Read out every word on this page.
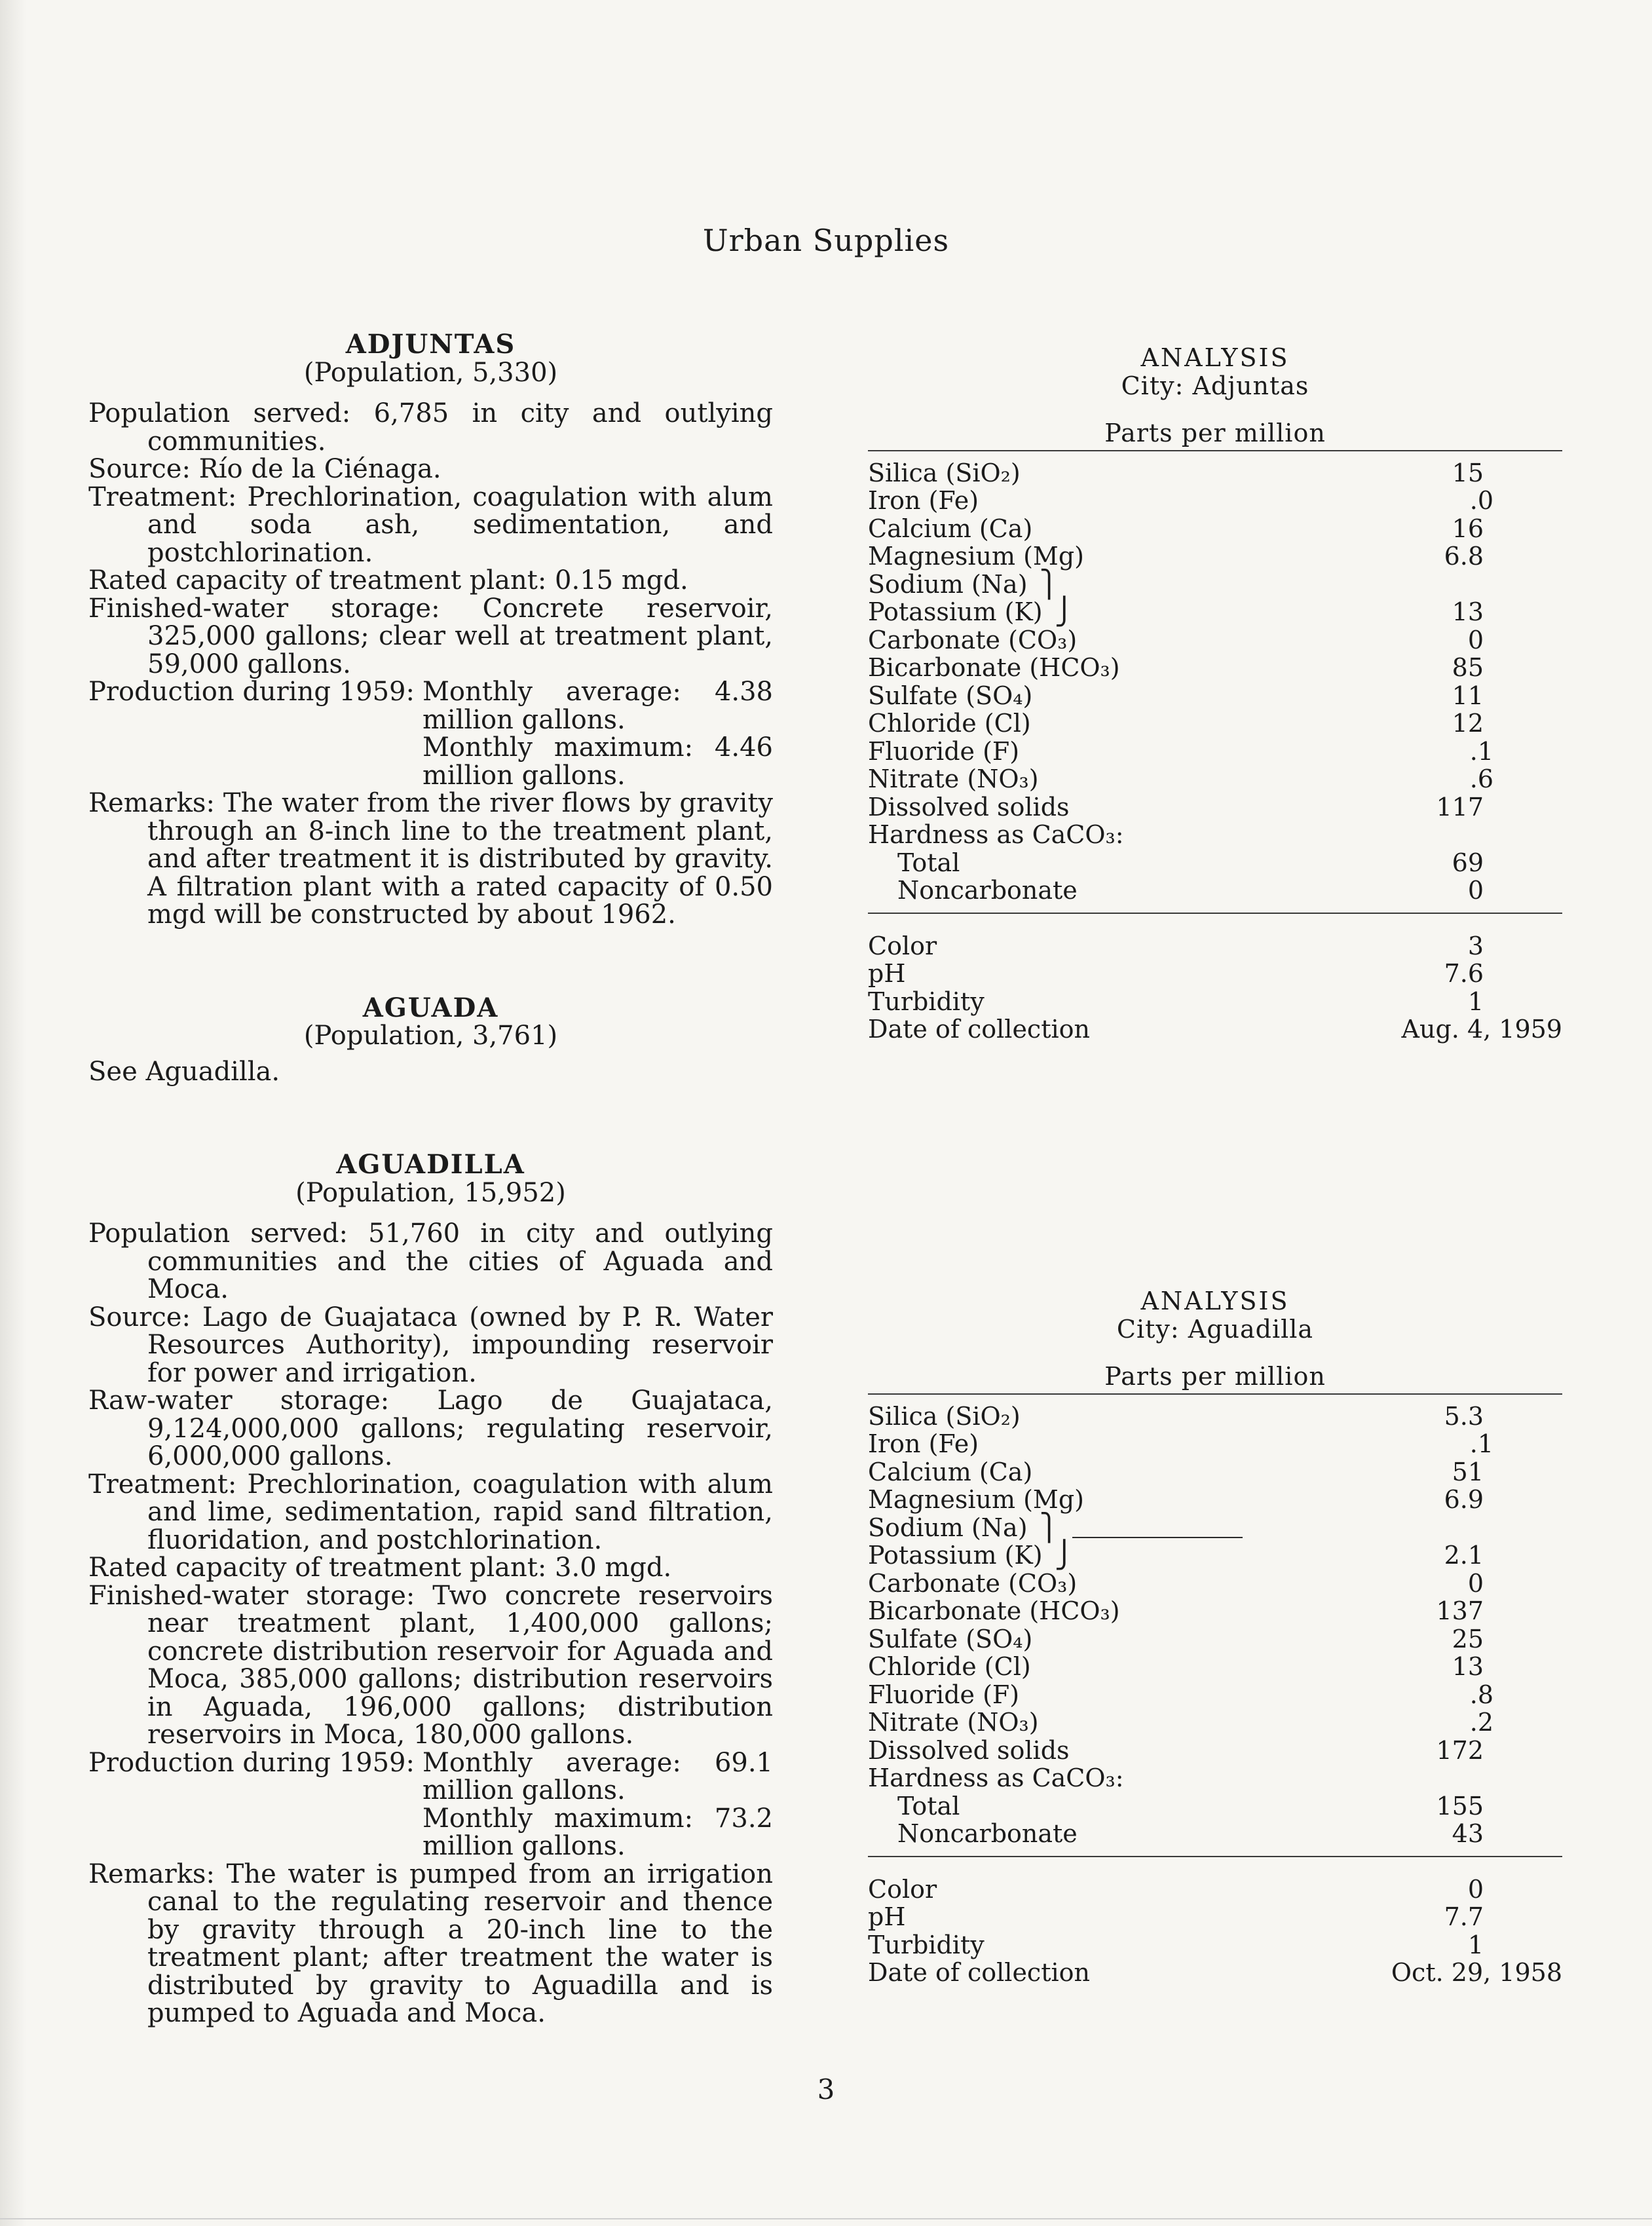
Urban Supplies
ADJUNTAS
(Population, 5,330)

Population served: 6,785 in city and outlying communities.

Source: Río de la Ciénaga.

Treatment: Prechlorination, coagulation with alum and soda ash, sedimentation, and postchlorination.

Rated capacity of treatment plant: 0.15 mgd.

Finished-water storage: Concrete reservoir, 325,000 gallons; clear well at treatment plant, 59,000 gallons.

Production during 1959: Monthly average: 4.38 million gallons.

Monthly maximum: 4.46 million gallons.

Remarks: The water from the river flows by gravity through an 8-inch line to the treatment plant, and after treatment it is distributed by gravity. A filtration plant with a rated capacity of 0.50 mgd will be constructed by about 1962.

AGUADA
(Population, 3,761)
See Aguadilla.
AGUADILLA
(Population, 15,952)

Population served: 51,760 in city and outlying communities and the cities of Aguada and Moca.

Source: Lago de Guajataca (owned by P. R. Water Resources Authority), impounding reservoir for power and irrigation.

Raw-water storage: Lago de Guajataca, 9,124,000,000 gallons; regulating reservoir, 6,000,000 gallons.

Treatment: Prechlorination, coagulation with alum and lime, sedimentation, rapid sand filtration, fluoridation, and postchlorination.

Rated capacity of treatment plant: 3.0 mgd.

Finished-water storage: Two concrete reservoirs near treatment plant, 1,400,000 gallons; concrete distribution reservoir for Aguada and Moca, 385,000 gallons; distribution reservoirs in Aguada, 196,000 gallons; distribution reservoirs in Moca, 180,000 gallons.

Production during 1959: Monthly average: 69.1 million gallons.

Monthly maximum: 73.2 million gallons.

Remarks: The water is pumped from an irrigation canal to the regulating reservoir and thence by gravity through a 20-inch line to the treatment plant; after treatment the water is distributed by gravity to Aguadilla and is pumped to Aguada and Moca.

ANALYSIS
City: Adjuntas
Parts per million
Silica (SiO₂)	15
Iron (Fe)	.0
Calcium (Ca)	16
Magnesium (Mg)	6.8
Sodium (Na) ⎫	
Potassium (K) ⎭	13
Carbonate (CO₃)	0
Bicarbonate (HCO₃)	85
Sulfate (SO₄)	11
Chloride (Cl)	12
Fluoride (F)	.1
Nitrate (NO₃)	.6
Dissolved solids	117
Hardness as CaCO₃:	
Total	69
Noncarbonate	0
Color	3
pH	7.6
Turbidity	1
Date of collection	Aug. 4, 1959
ANALYSIS
City: Aguadilla
Parts per million
Silica (SiO₂)	5.3
Iron (Fe)	.1
Calcium (Ca)	51
Magnesium (Mg)	6.9
Sodium (Na) ⎫	
Potassium (K) ⎭	2.1
Carbonate (CO₃)	0
Bicarbonate (HCO₃)	137
Sulfate (SO₄)	25
Chloride (Cl)	13
Fluoride (F)	.8
Nitrate (NO₃)	.2
Dissolved solids	172
Hardness as CaCO₃:	
Total	155
Noncarbonate	43
Color	0
pH	7.7
Turbidity	1
Date of collection	Oct. 29, 1958
3
